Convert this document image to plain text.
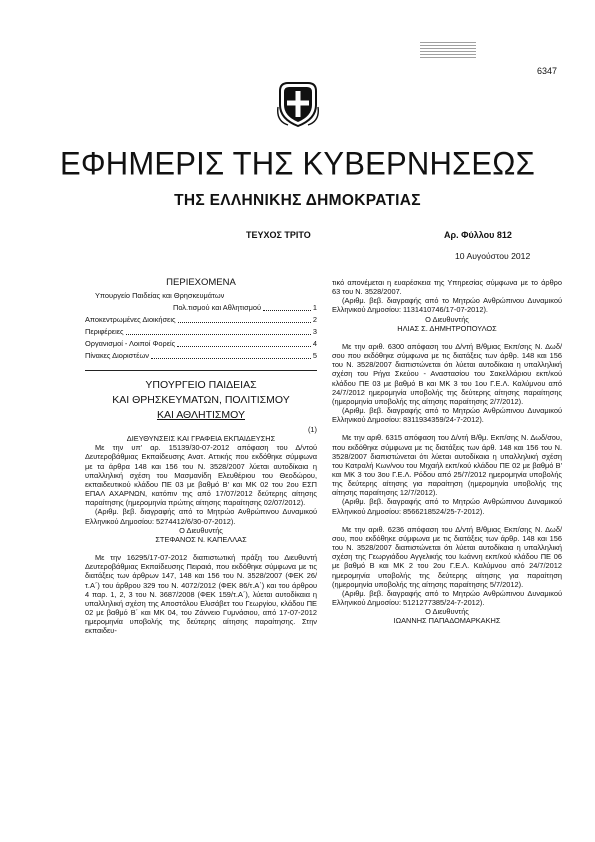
6347
ΕΦΗΜΕΡΙΣ ΤΗΣ ΚΥΒΕΡΝΗΣΕΩΣ
ΤΗΣ ΕΛΛΗΝΙΚΗΣ ΔΗΜΟΚΡΑΤΙΑΣ
ΤΕΥΧΟΣ ΤΡΙΤΟ	Αρ. Φύλλου 812
10 Αυγούστου 2012
ΠΕΡΙΕΧΟΜΕΝΑ
Υπουργείο Παιδείας και Θρησκευμάτων
Πολ.τισμού και Αθλητισμού	1
Αποκεντρωμένες Διοικήσεις	2
Περιφέρειες	3
Οργανισμοί - Λοιποί Φορείς	4
Πίνακες Διοριστέων	5
ΥΠΟΥΡΓΕΙΟ ΠΑΙΔΕΙΑΣ
ΚΑΙ ΘΡΗΣΚΕΥΜΑΤΩΝ, ΠΟΛΙΤΙΣΜΟΥ
ΚΑΙ ΑΘΛΗΤΙΣΜΟΥ
(1)
ΔΙΕΥΘΥΝΣΕΙΣ ΚΑΙ ΓΡΑΦΕΙΑ ΕΚΠΑΙΔΕΥΣΗΣ

Με την υπ' αρ. 15139/30-07-2012 απόφαση του Δ/ντού Δευτεροβάθμιας Εκπαίδευσης Ανατ. Αττικής που εκδόθηκε σύμφωνα με τα άρθρα 148 και 156 του Ν. 3528/2007 λύεται αυτοδίκαια η υπαλληλική σχέση του Μασμανίδη Ελευθέριου του Θεοδώρου, εκπαιδευτικού κλάδου ΠΕ 03 με βαθμό Β' και ΜΚ 02 του 2ου ΕΣΠ ΕΠΑΛ ΑΧΑΡΝΩΝ, κατόπιν της από 17/07/2012 δεύτερης αίτησης παραίτησης (ημερομηνία πρώτης αίτησης παραίτησης 02/07/2012).

(Αριθμ. βεβ. διαγραφής από το Μητρώο Ανθρώπινου Δυναμικού Ελληνικού Δημοσίου: 5274412/6/30-07-2012).

Ο Διευθυντής

ΣΤΕΦΑΝΟΣ Ν. ΚΑΠΕΛΛΑΣ

Με την 16295/17-07-2012 διαπιστωτική πράξη του Διευθυντή Δευτεροβάθμιας Εκπαίδευσης Πειραιά, που εκδόθηκε σύμφωνα με τις διατάξεις των άρθρων 147, 148 και 156 του Ν. 3528/2007 (ΦΕΚ 26/τ.Α΄) του άρθρου 329 του Ν. 4072/2012 (ΦΕΚ 86/τ.Α΄) και του άρθρου 4 παρ. 1, 2, 3 του Ν. 3687/2008 (ΦΕΚ 159/τ.Α΄), λύεται αυτοδίκαια η υπαλληλική σχέση της Αποστόλου Ελισάβετ του Γεωργίου, κλάδου ΠΕ 02 με βαθμό Β΄ και ΜΚ 04, του Ζάννειο Γυμνάσιου, από 17-07-2012 ημερομηνία υποβολής της δεύτερης αίτησης παραίτησης. Στην εκπαιδευ-

τικό απονέμεται η ευαρέσκεια της Υπηρεσίας σύμφωνα με το άρθρο 63 του Ν. 3528/2007.

(Αριθμ. βεβ. διαγραφής από το Μητρώο Ανθρώπινου Δυναμικού Ελληνικού Δημοσίου: 1131410746/17-07-2012).

Ο Διευθυντής

ΗΛΙΑΣ Σ. ΔΗΜΗΤΡΟΠΟΥΛΟΣ

Με την αριθ. 6300 απόφαση του Δ/ντή Β/θμιας Εκπ/σης Ν. Δωδ/σου που εκδόθηκε σύμφωνα με τις διατάξεις των άρθρ. 148 και 156 του Ν. 3528/2007 διαπιστώνεται ότι λύεται αυτοδίκαια η υπαλληλική σχέση του Ρήγα Σκεύου - Αναστασίου του Σακελλάριου εκπ/κού κλάδου ΠΕ 03 με βαθμό Β και ΜΚ 3 του 1ου Γ.Ε.Λ. Καλύμνου από 24/7/2012 ημερομηνία υποβολής της δεύτερης αίτησης παραίτησης (ημερομηνία υποβολής της αίτησης παραίτησης 2/7/2012).

(Αριθμ. βεβ. διαγραφής από το Μητρώο Ανθρώπινου Δυναμικού Ελληνικού Δημοσίου: 8311934359/24-7-2012).

Με την αριθ. 6315 απόφαση του Δ/ντή Β/θμ. Εκπ/σης Ν. Δωδ/σου, που εκδόθηκε σύμφωνα με τις διατάξεις των άρθ. 148 και 156 του Ν. 3528/2007 διαπιστώνεται ότι λύεται αυτοδίκαια η υπαλληλική σχέση του Κατραλή Κων/νου του Μιχαήλ εκπ/κού κλάδου ΠΕ 02 με βαθμό Β' και ΜΚ 3 του 3ου Γ.Ε.Λ. Ρόδου από 25/7/2012 ημερομηνία υποβολής της δεύτερης αίτησης για παραίτηση (ημερομηνία υποβολής της αίτησης παραίτησης 12/7/2012).

(Αριθμ. βεβ. διαγραφής από το Μητρώο Ανθρώπινου Δυναμικού Ελληνικού Δημοσίου: 8566218524/25-7-2012).

Με την αριθ. 6236 απόφαση του Δ/ντή Β/θμιας Εκπ/σης Ν. Δωδ/σου, που εκδόθηκε σύμφωνα με τις διατάξεις των άρθρ. 148 και 156 του Ν. 3528/2007 διαπιστώνεται ότι λύεται αυτοδίκαια η υπαλληλική σχέση της Γεωργιάδου Αγγελικής του Ιωάννη εκπ/κού κλάδου ΠΕ 06 με βαθμό Β και ΜΚ 2 του 2ου Γ.Ε.Λ. Καλύμνου από 24/7/2012 ημερομηνία υποβολής της δεύτερης αίτησης για παραίτηση (ημερομηνία υποβολής της αίτησης παραίτησης 5/7/2012).

(Αριθμ. βεβ. διαγραφής από το Μητρώο Ανθρώπινου Δυναμικού Ελληνικού Δημοσίου: 5121277385/24-7-2012).

Ο Διευθυντής

ΙΩΑΝΝΗΣ ΠΑΠΑΔΟΜΑΡΚΑΚΗΣ
